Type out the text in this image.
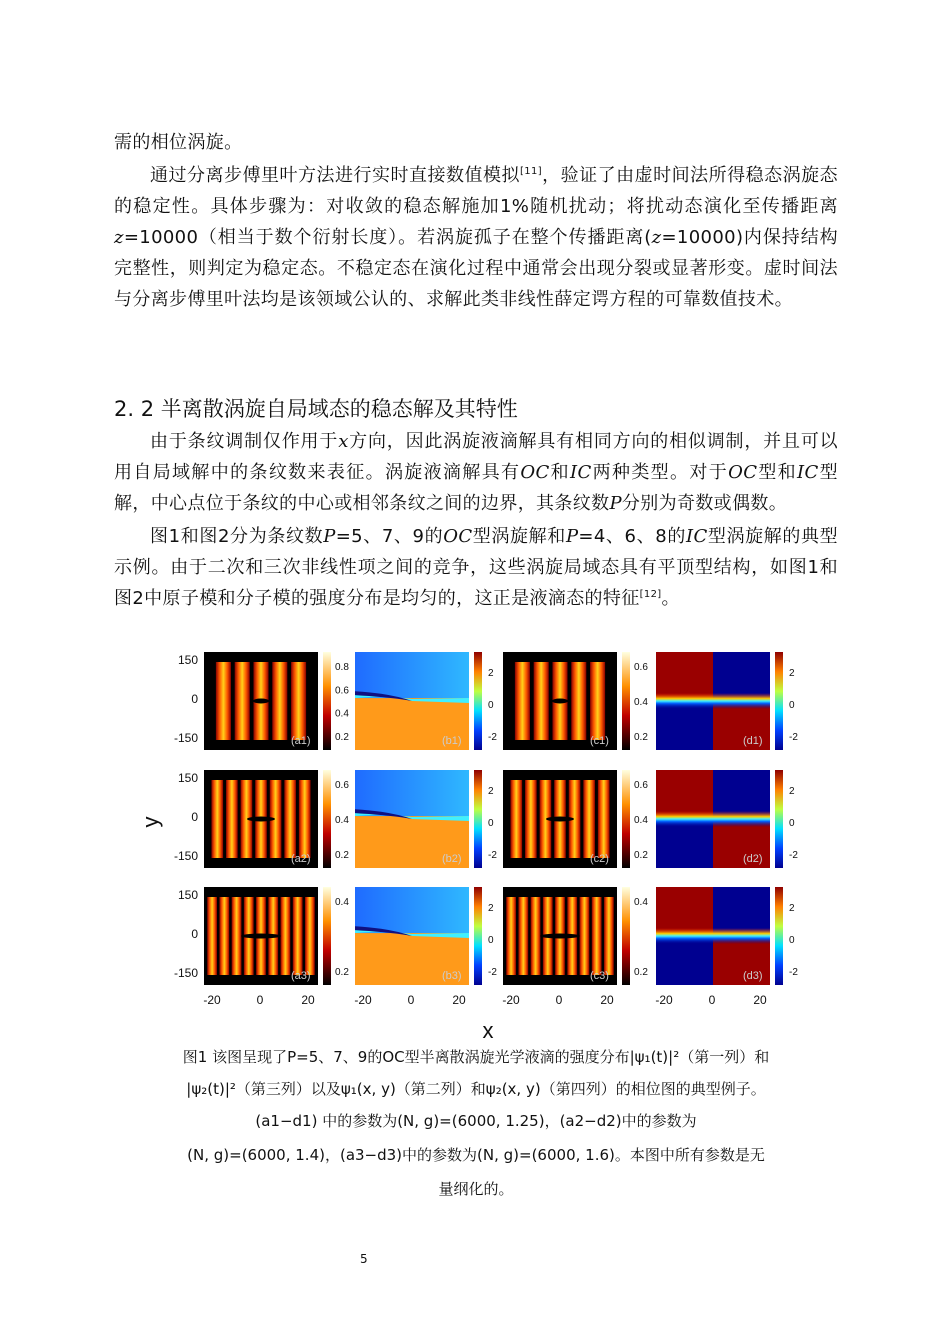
需的相位涡旋。

通过分离步傅里叶方法进行实时直接数值模拟[11]，验证了由虚时间法所得稳态涡旋态的稳定性。具体步骤为：对收敛的稳态解施加1%随机扰动；将扰动态演化至传播距离z=10000（相当于数个衍射长度）。若涡旋孤子在整个传播距离(z=10000)内保持结构完整性，则判定为稳定态。不稳定态在演化过程中通常会出现分裂或显著形变。虚时间法与分离步傅里叶法均是该领域公认的、求解此类非线性薛定谔方程的可靠数值技术。

2. 2 半离散涡旋自局域态的稳态解及其特性

由于条纹调制仅作用于x方向，因此涡旋液滴解具有相同方向的相似调制，并且可以用自局域解中的条纹数来表征。涡旋液滴解具有OC和IC两种类型。对于OC型和IC型解，中心点位于条纹的中心或相邻条纹之间的边界，其条纹数P分别为奇数或偶数。

图1和图2分为条纹数P=5、7、9的OC型涡旋解和P=4、6、8的IC型涡旋解的典型示例。由于二次和三次非线性项之间的竞争，这些涡旋局域态具有平顶型结构，如图1和图2中原子模和分子模的强度分布是均匀的，这正是液滴态的特征[12]。

0.8
0.6
0.4
0.2
(a1)
2
0
-2
(b1)
0.6
0.4
0.2
(c1)
2
0
-2
(d1)
0.6
0.4
0.2
(a2)
2
0
-2
(b2)
0.6
0.4
0.2
(c2)
2
0
-2
(d2)
0.4
0.2
(a3)
2
0
-2
(b3)
0.4
0.2
(c3)
2
0
-2
(d3)
150
0
-150
150
0
-150
150
0
-150
-20	0	20	-20	0	20	-20	0	20	-20	0	20
y
x

图1 该图呈现了P=5、7、9的OC型半离散涡旋光学液滴的强度分布|ψ₁(t)|²（第一列）和

|ψ₂(t)|²（第三列）以及ψ₁(x, y)（第二列）和ψ₂(x, y)（第四列）的相位图的典型例子。

(a1−d1) 中的参数为(N, g)=(6000, 1.25)，(a2−d2)中的参数为

(N, g)=(6000, 1.4)，(a3−d3)中的参数为(N, g)=(6000, 1.6)。本图中所有参数是无

量纲化的。

5
